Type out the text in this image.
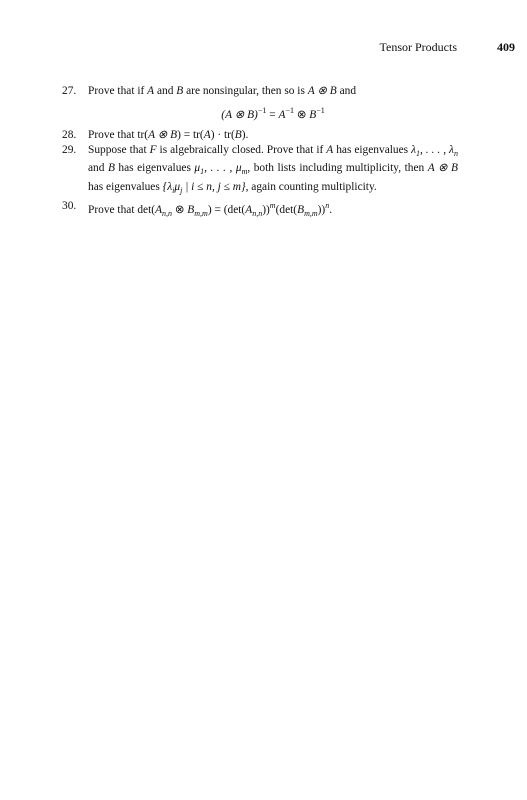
Tensor Products	409
27. Prove that if A and B are nonsingular, then so is A ⊗ B and
(A ⊗ $B)^{-1} = A^{-1}$ ⊗ $B^{-1}$
28. Prove that tr(A ⊗ B) = tr(A) · tr(B).
29. Suppose that F is algebraically closed. Prove that if A has eigenvalues $\lambda_1$, . . . , $\lambda_n$ and B has eigenvalues $\mu_1$, . . . , $\mu_m$, both lists including multiplicity, then A ⊗ B has eigenvalues {$\lambda_i\mu_j$ | i ≤ n, j ≤ m}, again counting multiplicity.
30. Prove that $\det(A_{n,n}$ ⊗ $B_{m,m}) = (\det(A_{n,n}))^m(\det(B_{m,m}))^n$.
